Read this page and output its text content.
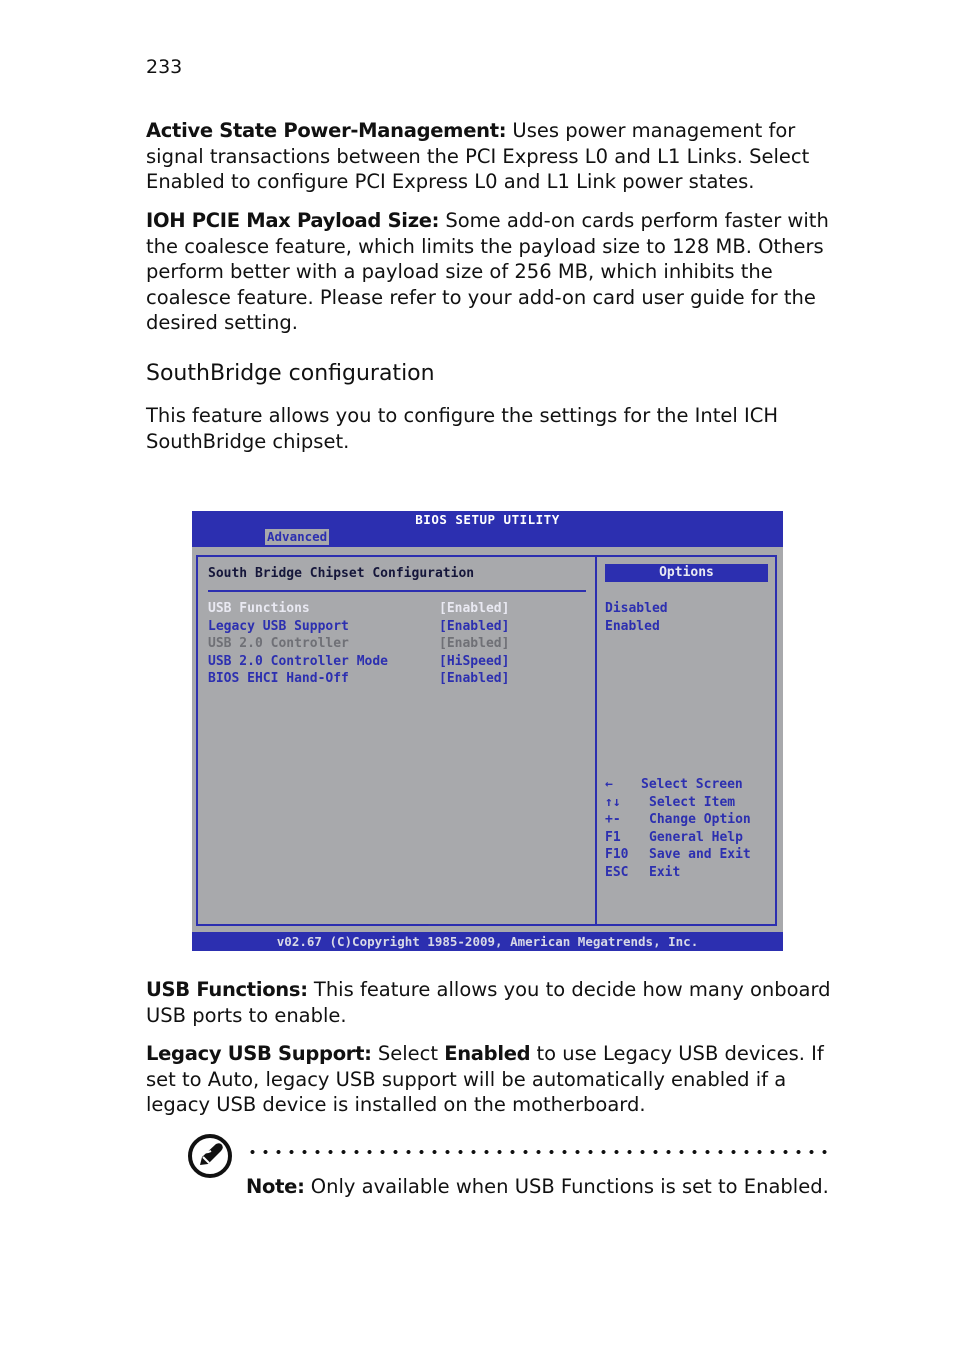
233

Active State Power-Management: Uses power management for signal transactions between the PCI Express L0 and L1 Links. Select Enabled to configure PCI Express L0 and L1 Link power states.

IOH PCIE Max Payload Size: Some add-on cards perform faster with the coalesce feature, which limits the payload size to 128 MB. Others perform better with a payload size of 256 MB, which inhibits the coalesce feature. Please refer to your add-on card user guide for the desired setting.

SouthBridge configuration

This feature allows you to configure the settings for the Intel ICH SouthBridge chipset.

BIOS SETUP UTILITY
Advanced
South Bridge Chipset Configuration
USB Functions	[Enabled]
Legacy USB Support	[Enabled]
USB 2.0 Controller	[Enabled]
USB 2.0 Controller Mode	[HiSpeed]
BIOS EHCI Hand-Off	[Enabled]
Options
Disabled
Enabled
← Select Screen
↑↓ Select Item
+- Change Option
F1 General Help
F10 Save and Exit
ESC Exit
v02.67 (C)Copyright 1985-2009, American Megatrends, Inc.

USB Functions: This feature allows you to decide how many onboard USB ports to enable.

Legacy USB Support: Select Enabled to use Legacy USB devices. If set to Auto, legacy USB support will be automatically enabled if a legacy USB device is installed on the motherboard.

Note: Only available when USB Functions is set to Enabled.
